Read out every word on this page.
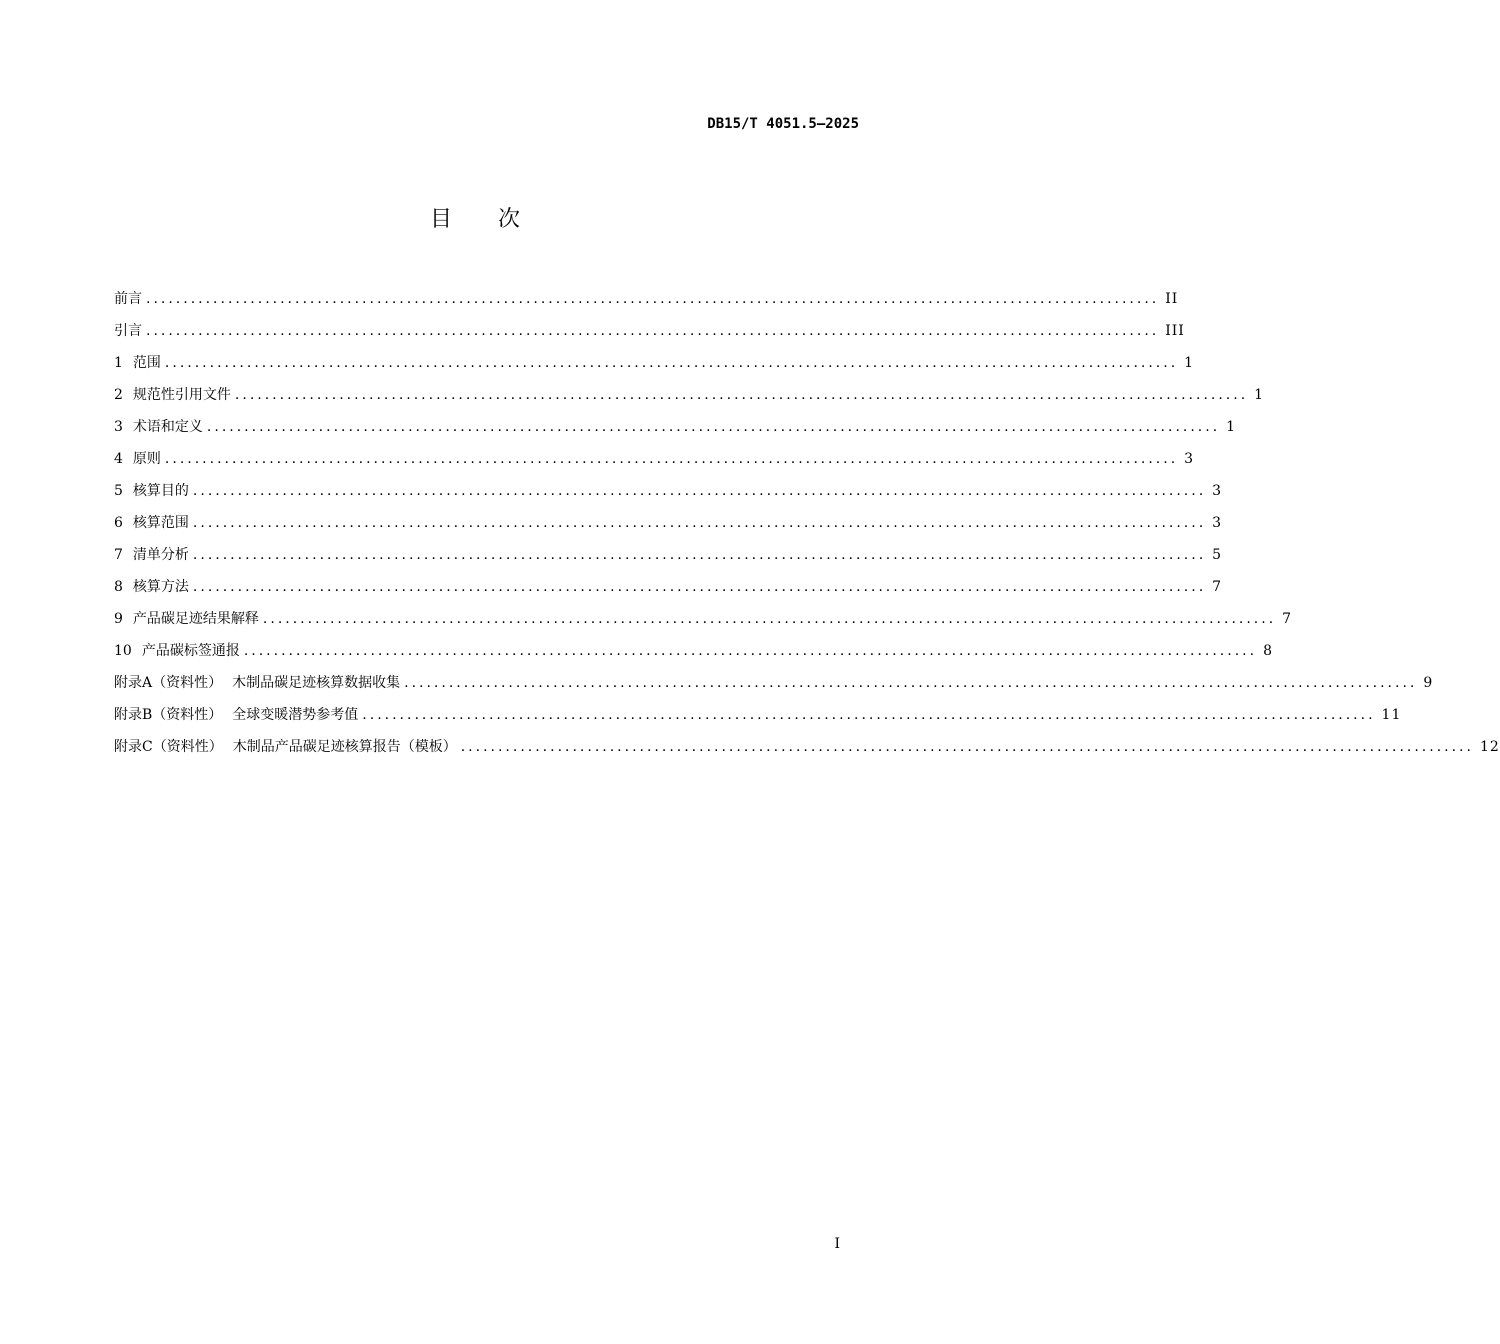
DB15/T 4051.5—2025
目 次
前言 ........................................................................................................................................ II
引言 ........................................................................................................................................ III
1 范围 ........................................................................................................................................ 1
2 规范性引用文件 ........................................................................................................................................ 1
3 术语和定义 ........................................................................................................................................ 1
4 原则 ........................................................................................................................................ 3
5 核算目的 ........................................................................................................................................ 3
6 核算范围 ........................................................................................................................................ 3
7 清单分析 ........................................................................................................................................ 5
8 核算方法 ........................................................................................................................................ 7
9 产品碳足迹结果解释 ........................................................................................................................................ 7
10 产品碳标签通报 ........................................................................................................................................ 8
附录A（资料性） 木制品碳足迹核算数据收集 ........................................................................................................................................ 9
附录B（资料性） 全球变暖潜势参考值 ........................................................................................................................................ 11
附录C（资料性） 木制品产品碳足迹核算报告（模板） ........................................................................................................................................ 12
I
